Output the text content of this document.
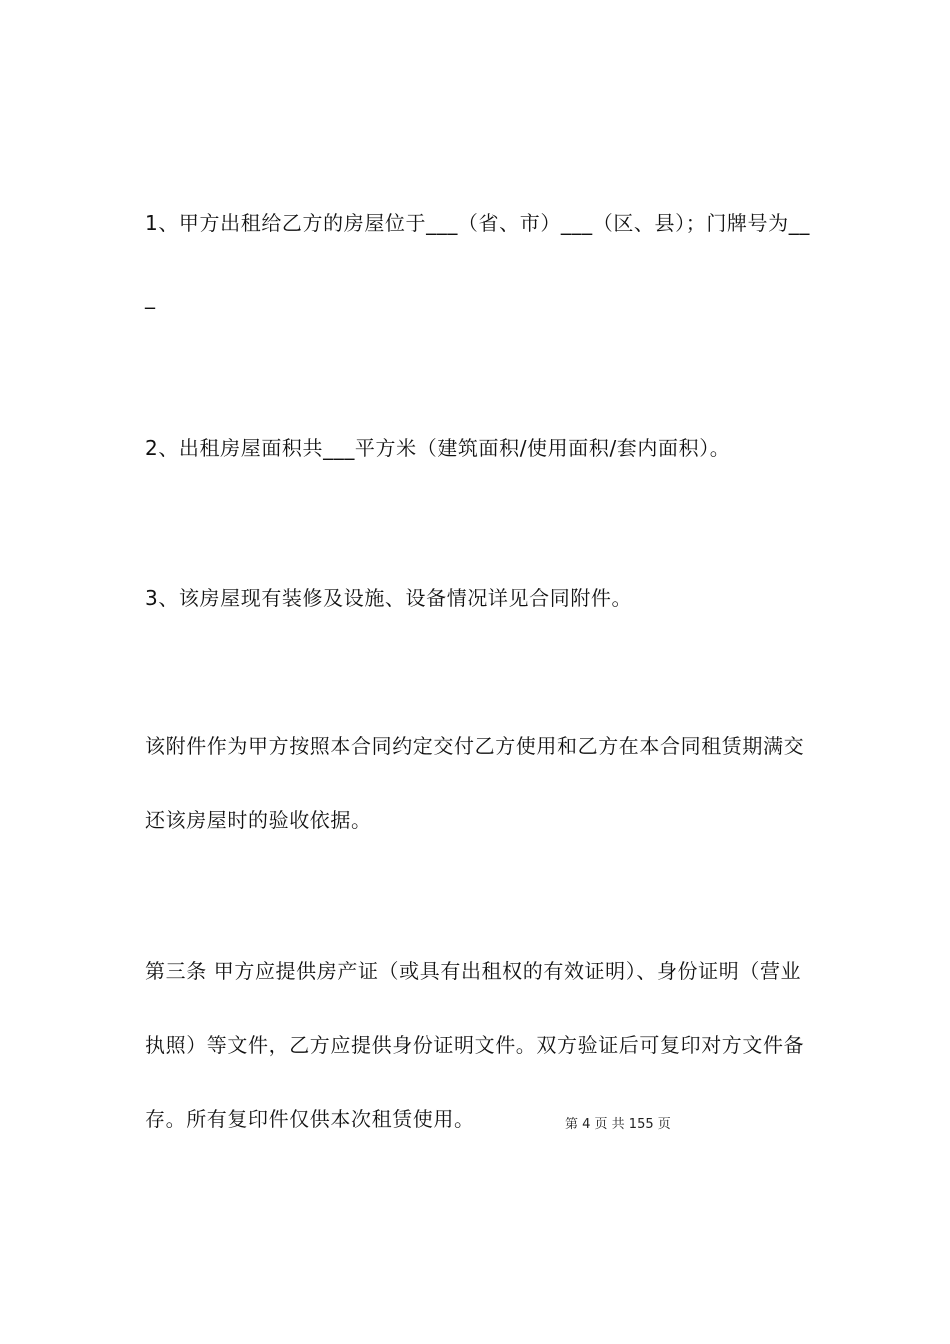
1、甲方出租给乙方的房屋位于___（省、市）___（区、县）；门牌号为___

2、出租房屋面积共___平方米（建筑面积/使用面积/套内面积）。

3、该房屋现有装修及设施、设备情况详见合同附件。

该附件作为甲方按照本合同约定交付乙方使用和乙方在本合同租赁期满交还该房屋时的验收依据。

第三条 甲方应提供房产证（或具有出租权的有效证明）、身份证明（营业执照）等文件，乙方应提供身份证明文件。双方验证后可复印对方文件备存。所有复印件仅供本次租赁使用。	第 4 页 共 155 页
